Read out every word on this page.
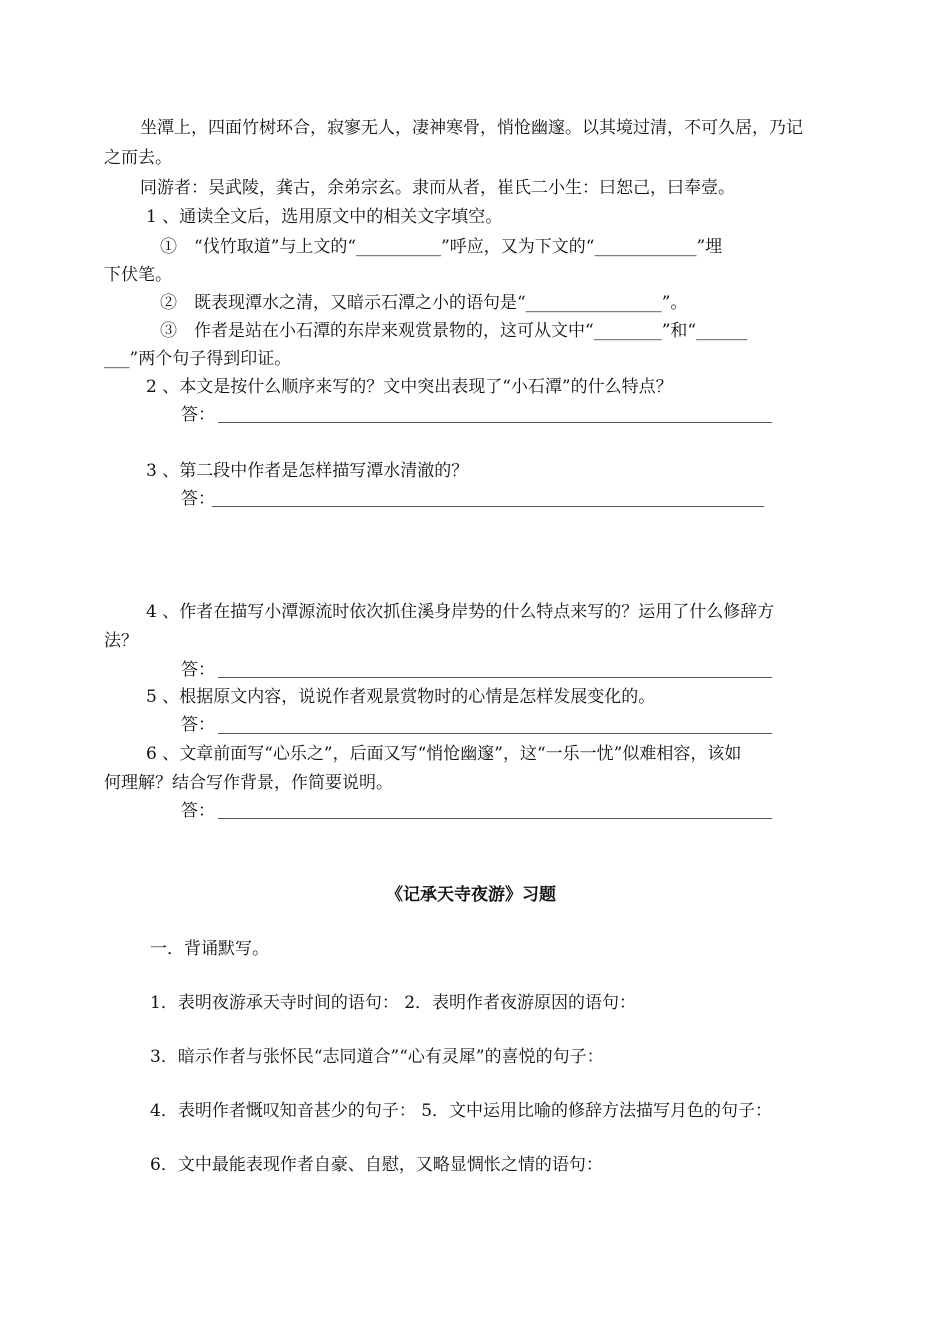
坐潭上，四面竹树环合，寂寥无人，凄神寒骨，悄怆幽邃。以其境过清，不可久居，乃记
之而去。
同游者：吴武陵，龚古，余弟宗玄。隶而从者，崔氏二小生：曰恕己，曰奉壹。
1 、通读全文后，选用原文中的相关文字填空。
①　“伐竹取道”与上文的“__________”呼应，又为下文的“____________”埋
下伏笔。
②　既表现潭水之清，又暗示石潭之小的语句是“________________”。
③　作者是站在小石潭的东岸来观赏景物的，这可从文中“________”和“______
___”两个句子得到印证。
2 、本文是按什么顺序来写的？文中突出表现了“小石潭”的什么特点？
答：
3 、第二段中作者是怎样描写潭水清澈的？
答：
4 、作者在描写小潭源流时依次抓住溪身岸势的什么特点来写的？运用了什么修辞方
法？
答：
5 、根据原文内容，说说作者观景赏物时的心情是怎样发展变化的。
答：
6 、文章前面写“心乐之”，后面又写“悄怆幽邃”，这“一乐一忧”似难相容，该如
何理解？结合写作背景，作简要说明。
答：
《记承天寺夜游》习题
一．背诵默写。
1．表明夜游承天寺时间的语句： 2．表明作者夜游原因的语句：
3．暗示作者与张怀民“志同道合”“心有灵犀”的喜悦的句子：
4．表明作者慨叹知音甚少的句子： 5．文中运用比喻的修辞方法描写月色的句子：
6．文中最能表现作者自豪、自慰，又略显惆怅之情的语句：
